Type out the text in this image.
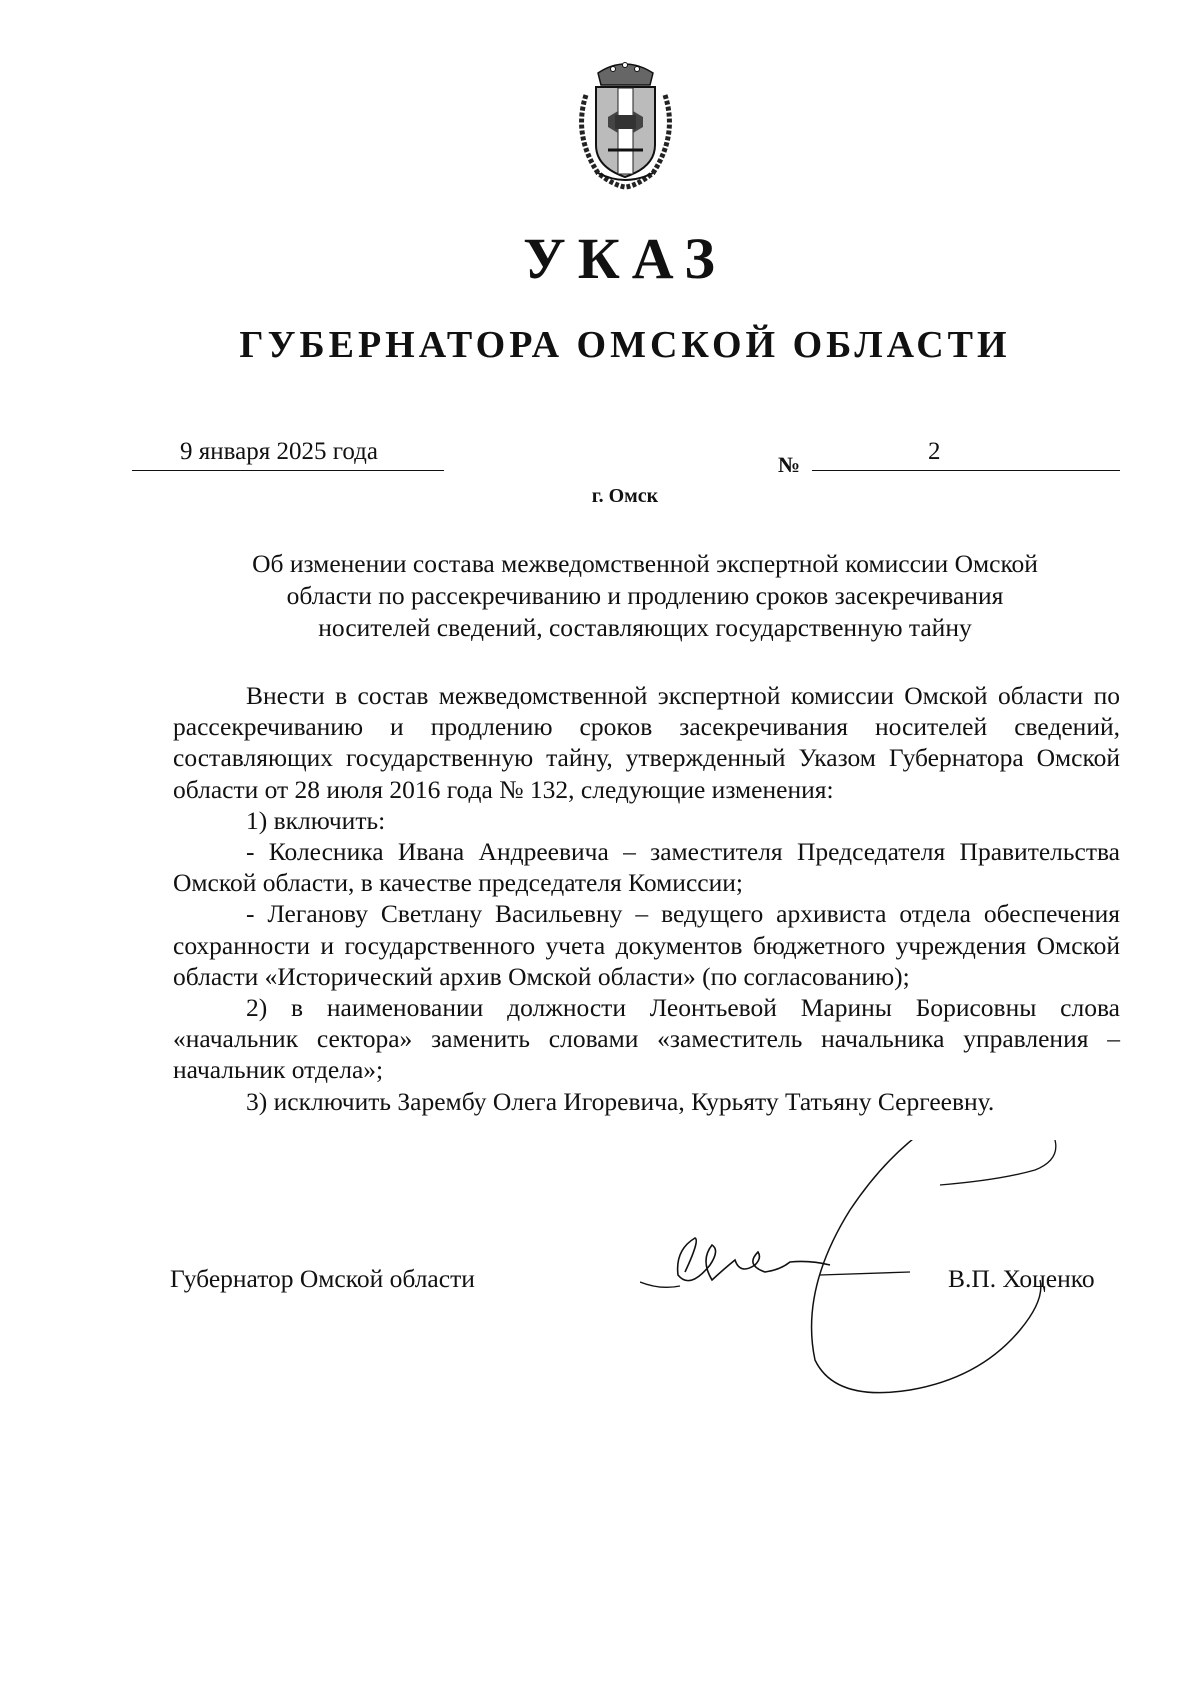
УКАЗ
ГУБЕРНАТОРА ОМСКОЙ ОБЛАСТИ
9 января 2025 года	№	2
г. Омск
Об изменении состава межведомственной экспертной комиссии Омской
области по рассекречиванию и продлению сроков засекречивания
носителей сведений, составляющих государственную тайну

Внести в состав межведомственной экспертной комиссии Омской области по рассекречиванию и продлению сроков засекречивания носителей сведений, составляющих государственную тайну, утвержденный Указом Губернатора Омской области от 28 июля 2016 года № 132, следующие изменения:

1) включить:

- Колесника Ивана Андреевича – заместителя Председателя Правительства Омской области, в качестве председателя Комиссии;

- Леганову Светлану Васильевну – ведущего архивиста отдела обеспечения сохранности и государственного учета документов бюджетного учреждения Омской области «Исторический архив Омской области» (по согласованию);

2) в наименовании должности Леонтьевой Марины Борисовны слова «начальник сектора» заменить словами «заместитель начальника управления – начальник отдела»;

3) исключить Зарембу Олега Игоревича, Курьяту Татьяну Сергеевну.

Губернатор Омской области	В.П. Хоценко
